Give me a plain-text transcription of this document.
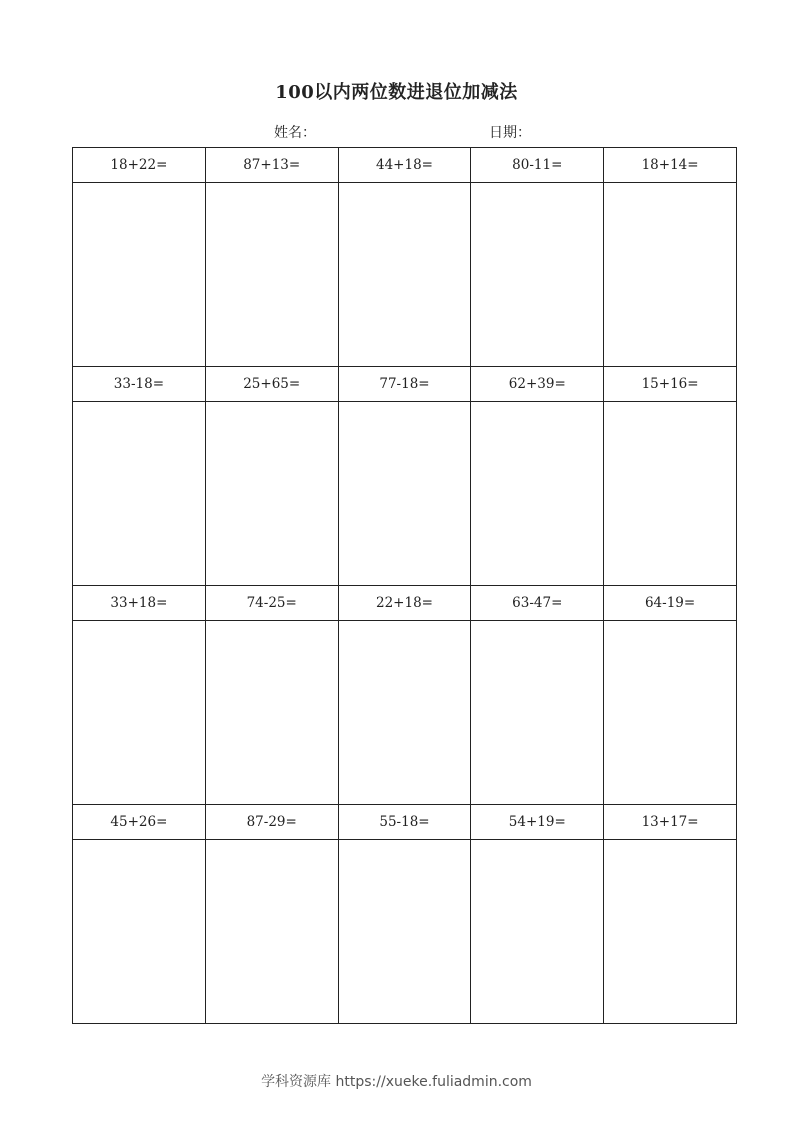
100以内两位数进退位加减法
姓名：	日期：
18+22=	87+13=	44+18=	80-11=	18+14=

33-18=	25+65=	77-18=	62+39=	15+16=

33+18=	74-25=	22+18=	63-47=	64-19=

45+26=	87-29=	55-18=	54+19=	13+17=

学科资源库 https://xueke.fuliadmin.com
